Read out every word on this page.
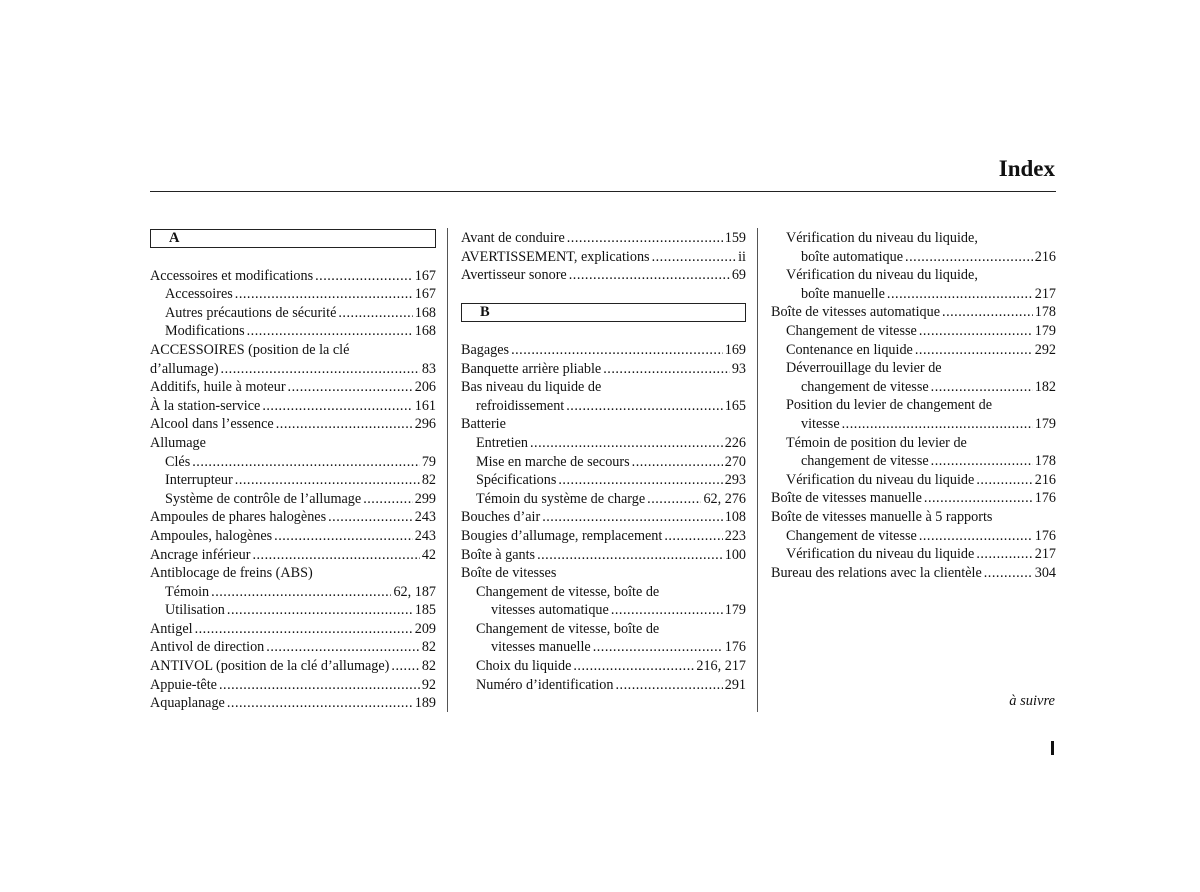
Index
A
Accessoires et modifications .....	167
Accessoires .....	167
Autres précautions de sécurité .....	168
Modifications .....	168
ACCESSOIRES (position de la clé
d’allumage) .....	83
Additifs, huile à moteur .....	206
À la station-service .....	161
Alcool dans l’essence .....	296
Allumage
Clés .....	79
Interrupteur .....	82
Système de contrôle de l’allumage .....	299
Ampoules de phares halogènes .....	243
Ampoules, halogènes .....	243
Ancrage inférieur .....	42
Antiblocage de freins (ABS)
Témoin .....	62, 187
Utilisation .....	185
Antigel .....	209
Antivol de direction .....	82
ANTIVOL (position de la clé d’allumage) ..... 82
Appuie-tête .....	92
Aquaplanage .....	189
Avant de conduire .....	159
AVERTISSEMENT, explications .....	ii
Avertisseur sonore .....	69
B
Bagages .....	169
Banquette arrière pliable .....	93
Bas niveau du liquide de
refroidissement .....	165
Batterie
Entretien .....	226
Mise en marche de secours .....	270
Spécifications .....	293
Témoin du système de charge .....	62, 276
Bouches d’air .....	108
Bougies d’allumage, remplacement .....	223
Boîte à gants .....	100
Boîte de vitesses
Changement de vitesse, boîte de
vitesses automatique .....	179
Changement de vitesse, boîte de
vitesses manuelle .....	176
Choix du liquide .....	216, 217
Numéro d’identification .....	291
Vérification du niveau du liquide,
boîte automatique .....	216
Vérification du niveau du liquide,
boîte manuelle .....	217
Boîte de vitesses automatique .....	178
Changement de vitesse .....	179
Contenance en liquide .....	292
Déverrouillage du levier de
changement de vitesse .....	182
Position du levier de changement de
vitesse .....	179
Témoin de position du levier de
changement de vitesse .....	178
Vérification du niveau du liquide .....	216
Boîte de vitesses manuelle .....	176
Boîte de vitesses manuelle à 5 rapports
Changement de vitesse .....	176
Vérification du niveau du liquide .....	217
Bureau des relations avec la clientèle .....	304
à suivre
